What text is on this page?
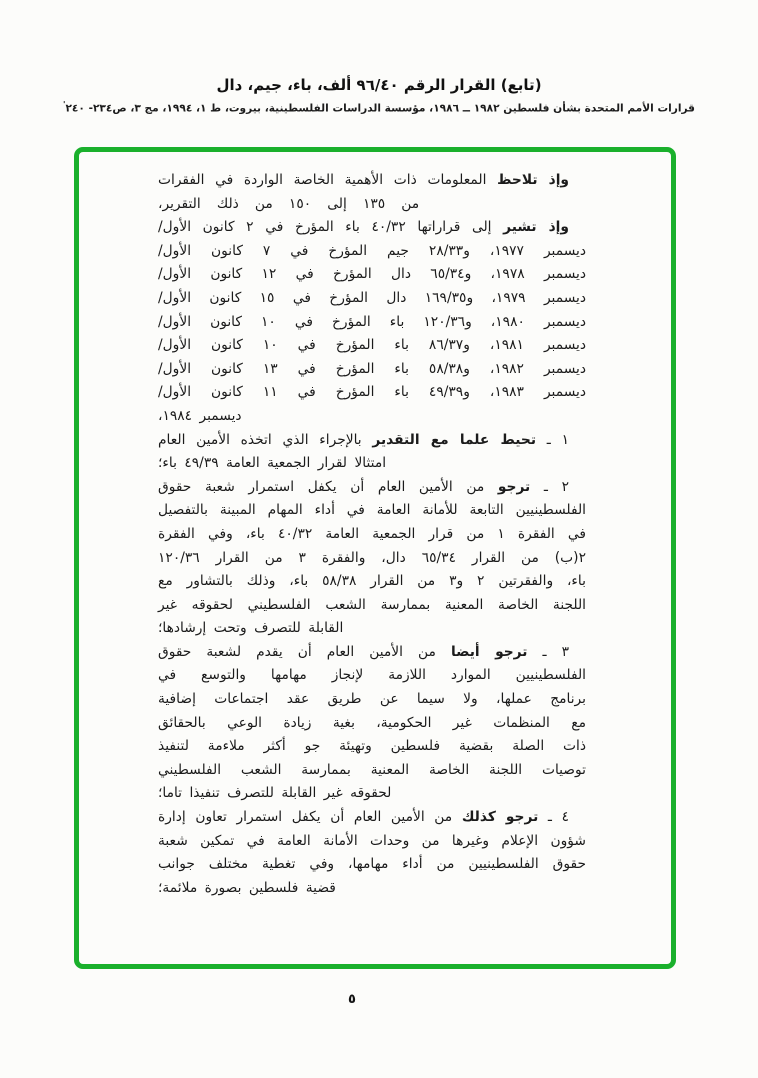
(تابع) القرار الرقم ٩٦/٤٠ ألف، باء، جيم، دال
قرارات الأمم المتحدة بشأن فلسطين ١٩٨٢ ــ ١٩٨٦، مؤسسة الدراسات الفلسطينية، بيروت، ط ١، ١٩٩٤، مج ٣، ص٢٣٤- ٢٤٠'
وإذ تلاحظ المعلومات ذات الأهمية الخاصة الواردة في الفقرات
من ١٣٥ إلى ١٥٠ من ذلك التقرير،
وإذ تشير إلى قراراتها ٤٠/٣٢ باء المؤرخ في ٢ كانون الأول/
ديسمبر ١٩٧٧، و٢٨/٣٣ جيم المؤرخ في ٧ كانون الأول/
ديسمبر ١٩٧٨، و٦٥/٣٤ دال المؤرخ في ١٢ كانون الأول/
ديسمبر ١٩٧٩، و١٦٩/٣٥ دال المؤرخ في ١٥ كانون الأول/
ديسمبر ١٩٨٠، و١٢٠/٣٦ باء المؤرخ في ١٠ كانون الأول/
ديسمبر ١٩٨١، و٨٦/٣٧ باء المؤرخ في ١٠ كانون الأول/
ديسمبر ١٩٨٢، و٥٨/٣٨ باء المؤرخ في ١٣ كانون الأول/
ديسمبر ١٩٨٣، و٤٩/٣٩ باء المؤرخ في ١١ كانون الأول/
ديسمبر ١٩٨٤،
١ ـ تحيط علما مع التقدير بالإجراء الذي اتخذه الأمين العام
امتثالا لقرار الجمعية العامة ٤٩/٣٩ باء؛
٢ ـ ترجو من الأمين العام أن يكفل استمرار شعبة حقوق
الفلسطينيين التابعة للأمانة العامة في أداء المهام المبينة بالتفصيل
في الفقرة ١ من قرار الجمعية العامة ٤٠/٣٢ باء، وفي الفقرة
٢(ب) من القرار ٦٥/٣٤ دال، والفقرة ٣ من القرار ١٢٠/٣٦
باء، والفقرتين ٢ و٣ من القرار ٥٨/٣٨ باء، وذلك بالتشاور مع
اللجنة الخاصة المعنية بممارسة الشعب الفلسطيني لحقوقه غير
القابلة للتصرف وتحت إرشادها؛
٣ ـ ترجو أيضا من الأمين العام أن يقدم لشعبة حقوق
الفلسطينيين الموارد اللازمة لإنجاز مهامها والتوسع في
برنامج عملها، ولا سيما عن طريق عقد اجتماعات إضافية
مع المنظمات غير الحكومية، بغية زيادة الوعي بالحقائق
ذات الصلة بقضية فلسطين وتهيئة جو أكثر ملاءمة لتنفيذ
توصيات اللجنة الخاصة المعنية بممارسة الشعب الفلسطيني
لحقوقه غير القابلة للتصرف تنفيذا تاما؛
٤ ـ ترجو كذلك من الأمين العام أن يكفل استمرار تعاون إدارة
شؤون الإعلام وغيرها من وحدات الأمانة العامة في تمكين شعبة
حقوق الفلسطينيين من أداء مهامها، وفي تغطية مختلف جوانب
قضية فلسطين بصورة ملائمة؛
٥
